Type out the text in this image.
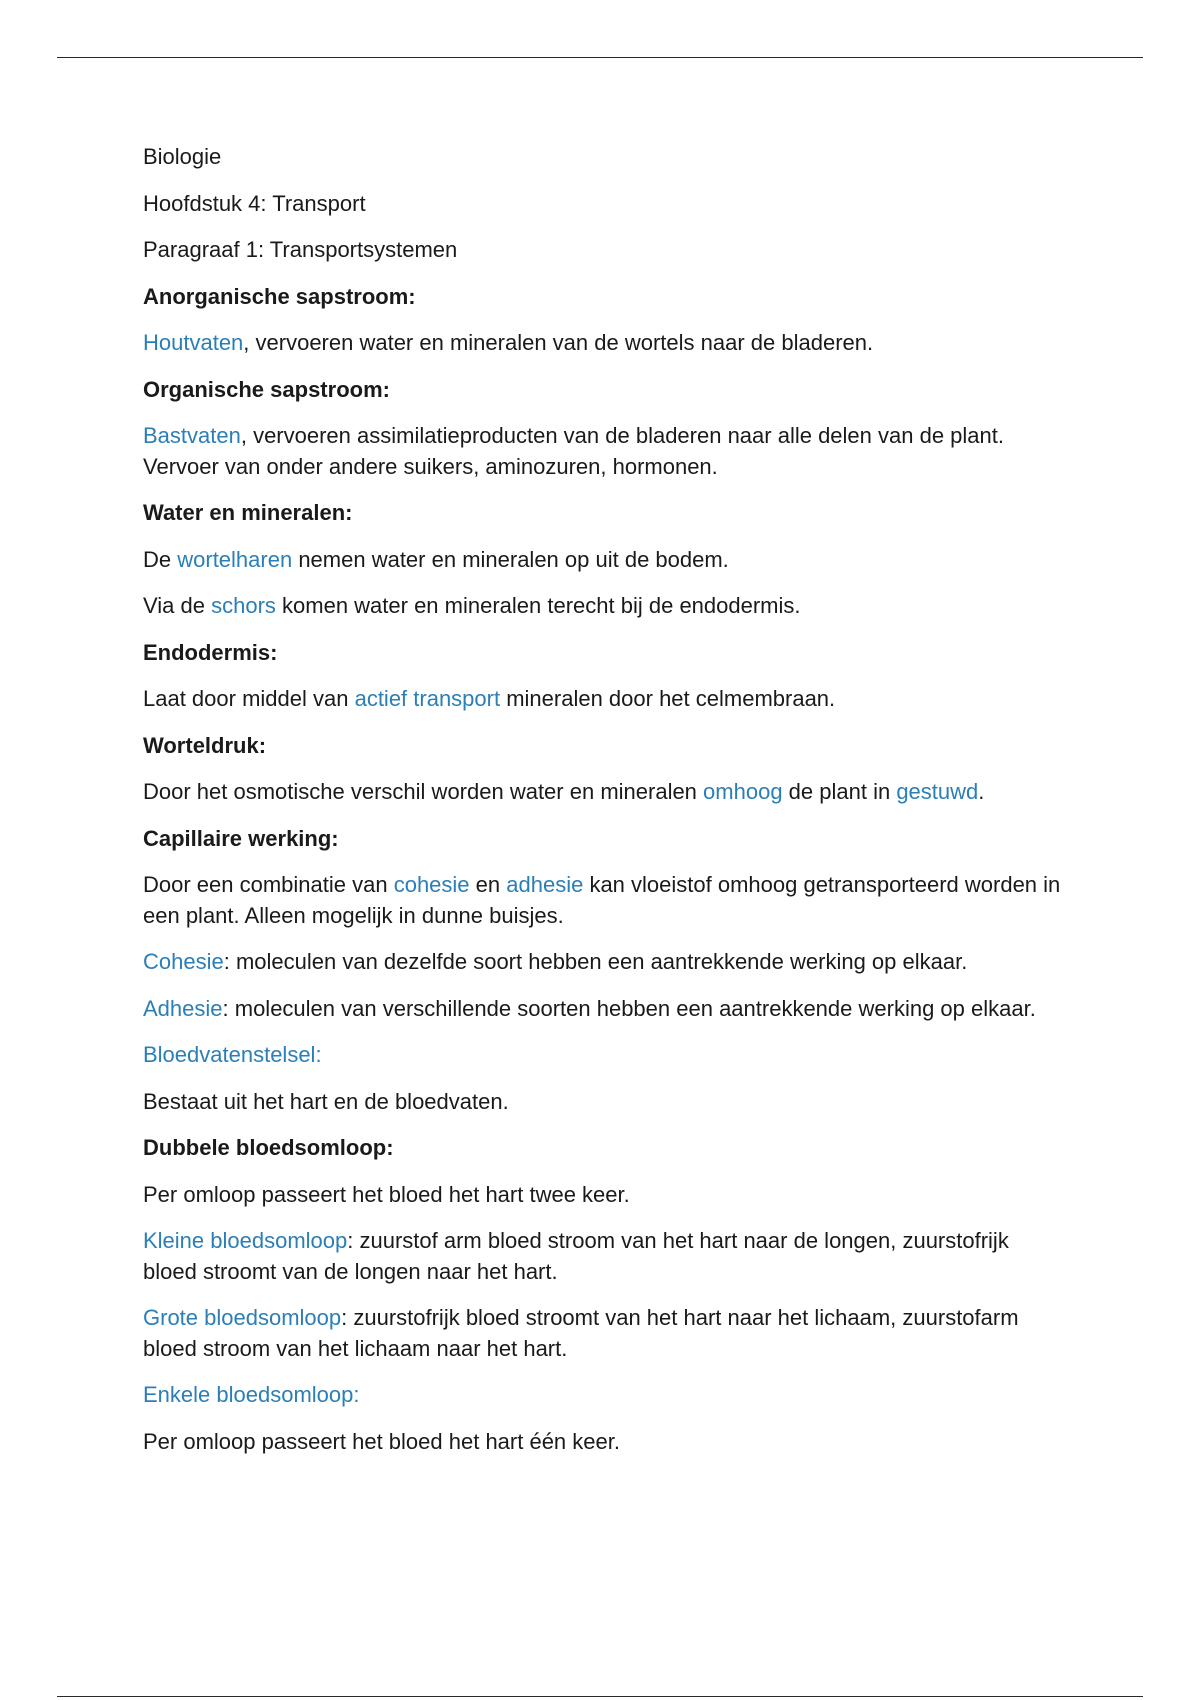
Biologie

Hoofdstuk 4: Transport

Paragraaf 1: Transportsystemen

Anorganische sapstroom:

Houtvaten, vervoeren water en mineralen van de wortels naar de bladeren.

Organische sapstroom:

Bastvaten, vervoeren assimilatieproducten van de bladeren naar alle delen van de plant. Vervoer van onder andere suikers, aminozuren, hormonen.

Water en mineralen:

De wortelharen nemen water en mineralen op uit de bodem.

Via de schors komen water en mineralen terecht bij de endodermis.

Endodermis:

Laat door middel van actief transport mineralen door het celmembraan.

Worteldruk:

Door het osmotische verschil worden water en mineralen omhoog de plant in gestuwd.

Capillaire werking:

Door een combinatie van cohesie en adhesie kan vloeistof omhoog getransporteerd worden in een plant. Alleen mogelijk in dunne buisjes.

Cohesie: moleculen van dezelfde soort hebben een aantrekkende werking op elkaar.

Adhesie: moleculen van verschillende soorten hebben een aantrekkende werking op elkaar.

Bloedvatenstelsel:

Bestaat uit het hart en de bloedvaten.

Dubbele bloedsomloop:

Per omloop passeert het bloed het hart twee keer.

Kleine bloedsomloop: zuurstof arm bloed stroom van het hart naar de longen, zuurstofrijk bloed stroomt van de longen naar het hart.

Grote bloedsomloop: zuurstofrijk bloed stroomt van het hart naar het lichaam, zuurstofarm bloed stroom van het lichaam naar het hart.

Enkele bloedsomloop:

Per omloop passeert het bloed het hart één keer.
